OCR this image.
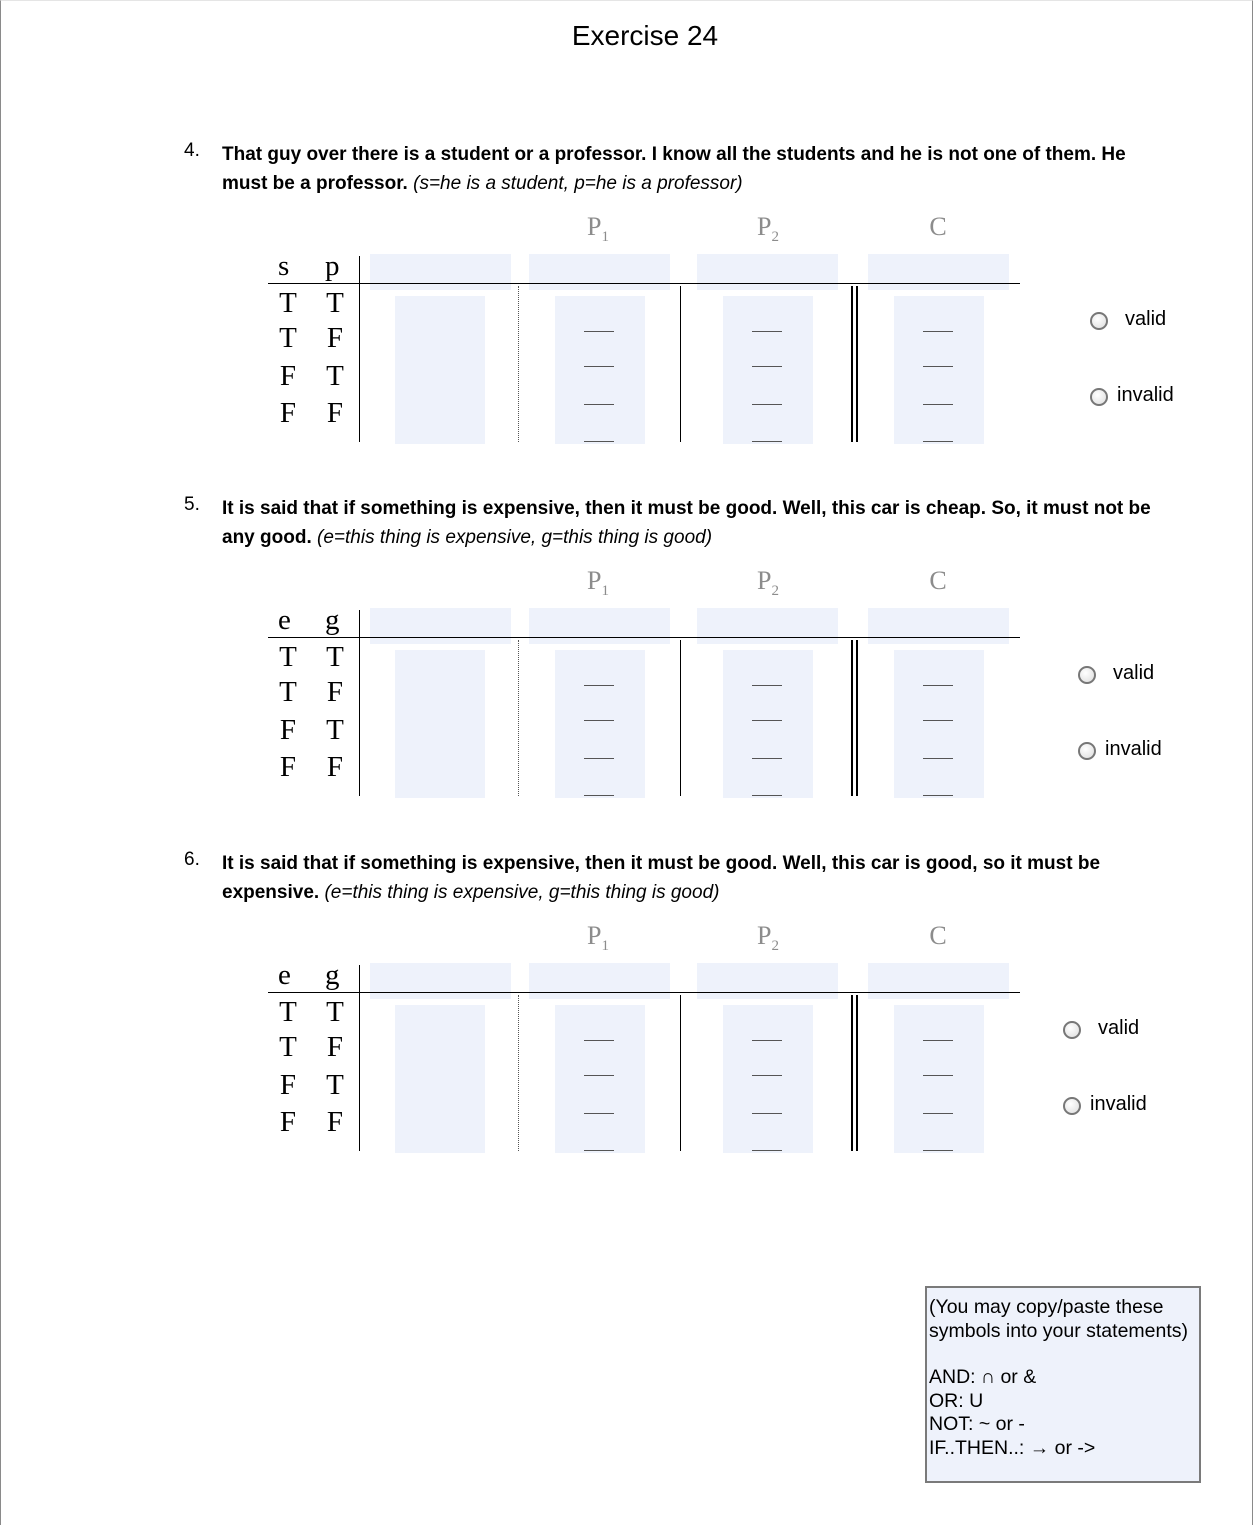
Exercise 24
4. That guy over there is a student or a professor. I know all the students and he is not one of them. He must be a professor. (s=he is a student, p=he is a professor)
$P_1$	$P_2$	C
s p
T T
T F
F T
F F
valid
invalid
5. It is said that if something is expensive, then it must be good. Well, this car is cheap. So, it must not be any good. (e=this thing is expensive, g=this thing is good)
$P_1$	$P_2$	C
e g
T T
T F
F T
F F
valid
invalid
6. It is said that if something is expensive, then it must be good. Well, this car is good, so it must be expensive. (e=this thing is expensive, g=this thing is good)
$P_1$	$P_2$	C
e g
T T
T F
F T
F F
valid
invalid
(You may copy/paste these symbols into your statements)
AND: ∩ or &
OR: U
NOT: ~ or -
IF..THEN..: → or ->
